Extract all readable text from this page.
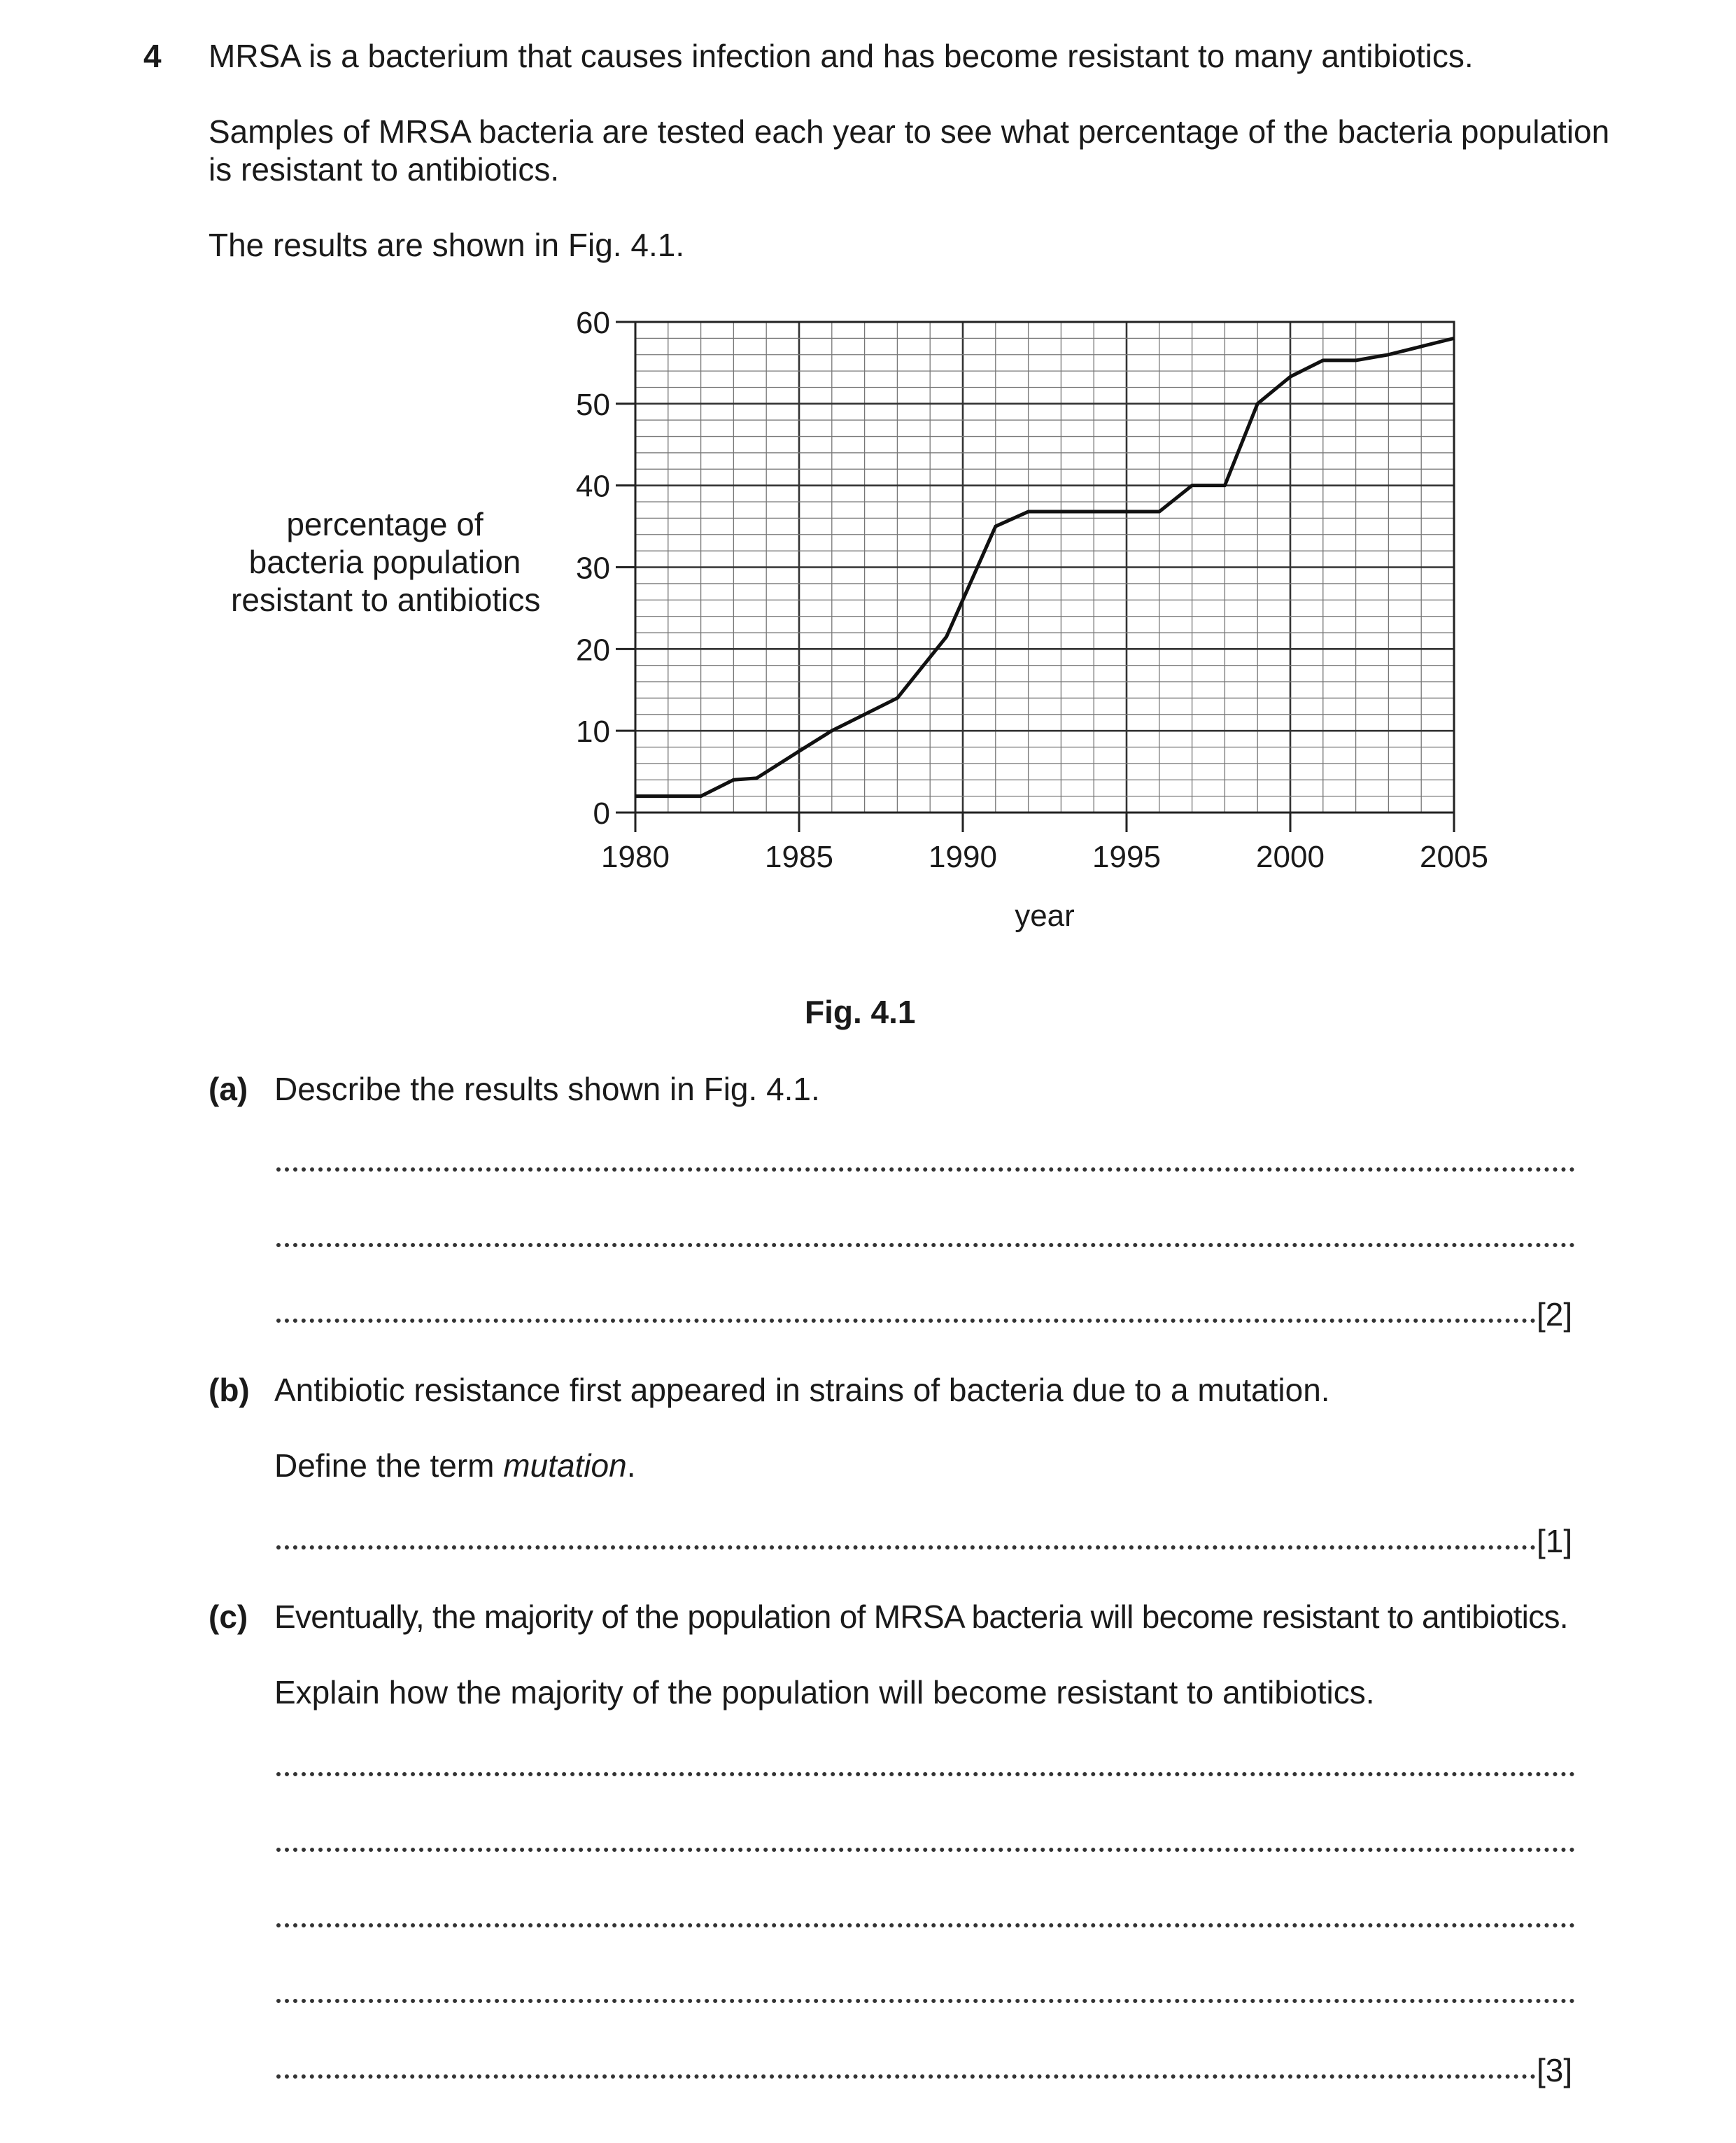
4 MRSA is a bacterium that causes infection and has become resistant to many antibiotics.
Samples of MRSA bacteria are tested each year to see what percentage of the bacteria population
is resistant to antibiotics.
The results are shown in Fig. 4.1.
percentage of
bacteria population
resistant to antibiotics
0
10
20
30
40
50
60
1980	1985	1990	1995	2000	2005
year
Fig. 4.1
(a) Describe the results shown in Fig. 4.1.
[2]
(b) Antibiotic resistance first appeared in strains of bacteria due to a mutation.
Define the term mutation.
[1]
(c) Eventually, the majority of the population of MRSA bacteria will become resistant to antibiotics.
Explain how the majority of the population will become resistant to antibiotics.
[3]
